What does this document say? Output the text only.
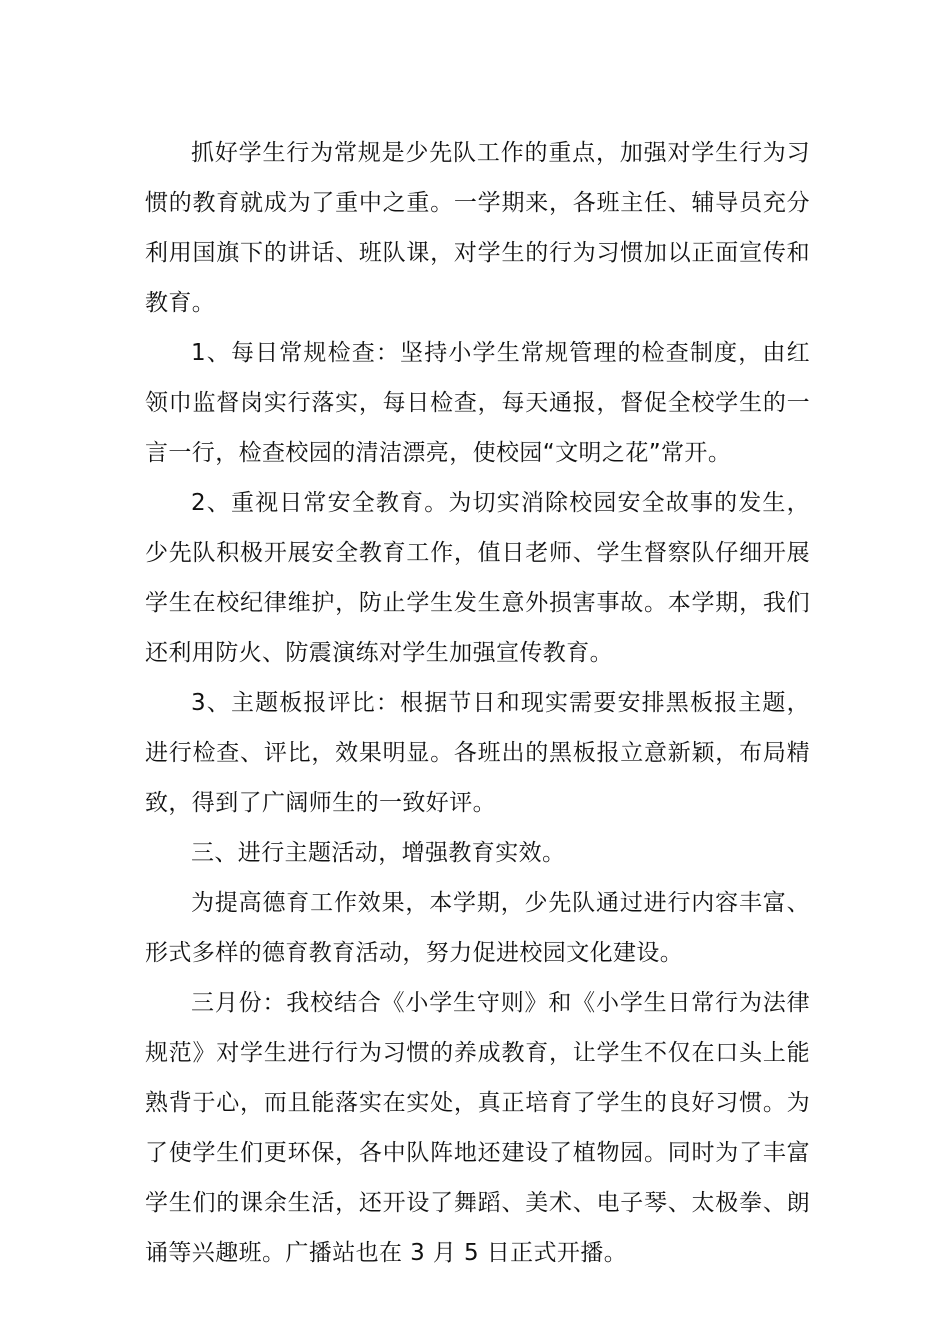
抓好学生行为常规是少先队工作的重点，加强对学生行为习惯的教育就成为了重中之重。一学期来，各班主任、辅导员充分利用国旗下的讲话、班队课，对学生的行为习惯加以正面宣传和教育。

1、每日常规检查：坚持小学生常规管理的检查制度，由红领巾监督岗实行落实，每日检查，每天通报，督促全校学生的一言一行，检查校园的清洁漂亮，使校园“文明之花”常开。

2、重视日常安全教育。为切实消除校园安全故事的发生，少先队积极开展安全教育工作，值日老师、学生督察队仔细开展学生在校纪律维护，防止学生发生意外损害事故。本学期，我们还利用防火、防震演练对学生加强宣传教育。

3、主题板报评比：根据节日和现实需要安排黑板报主题，进行检查、评比，效果明显。各班出的黑板报立意新颖，布局精致，得到了广阔师生的一致好评。

三、进行主题活动，增强教育实效。

为提高德育工作效果，本学期，少先队通过进行内容丰富、形式多样的德育教育活动，努力促进校园文化建设。

三月份：我校结合《小学生守则》和《小学生日常行为法律规范》对学生进行行为习惯的养成教育，让学生不仅在口头上能熟背于心，而且能落实在实处，真正培育了学生的良好习惯。为了使学生们更环保，各中队阵地还建设了植物园。同时为了丰富学生们的课余生活，还开设了舞蹈、美术、电子琴、太极拳、朗诵等兴趣班。广播站也在 3 月 5 日正式开播。
